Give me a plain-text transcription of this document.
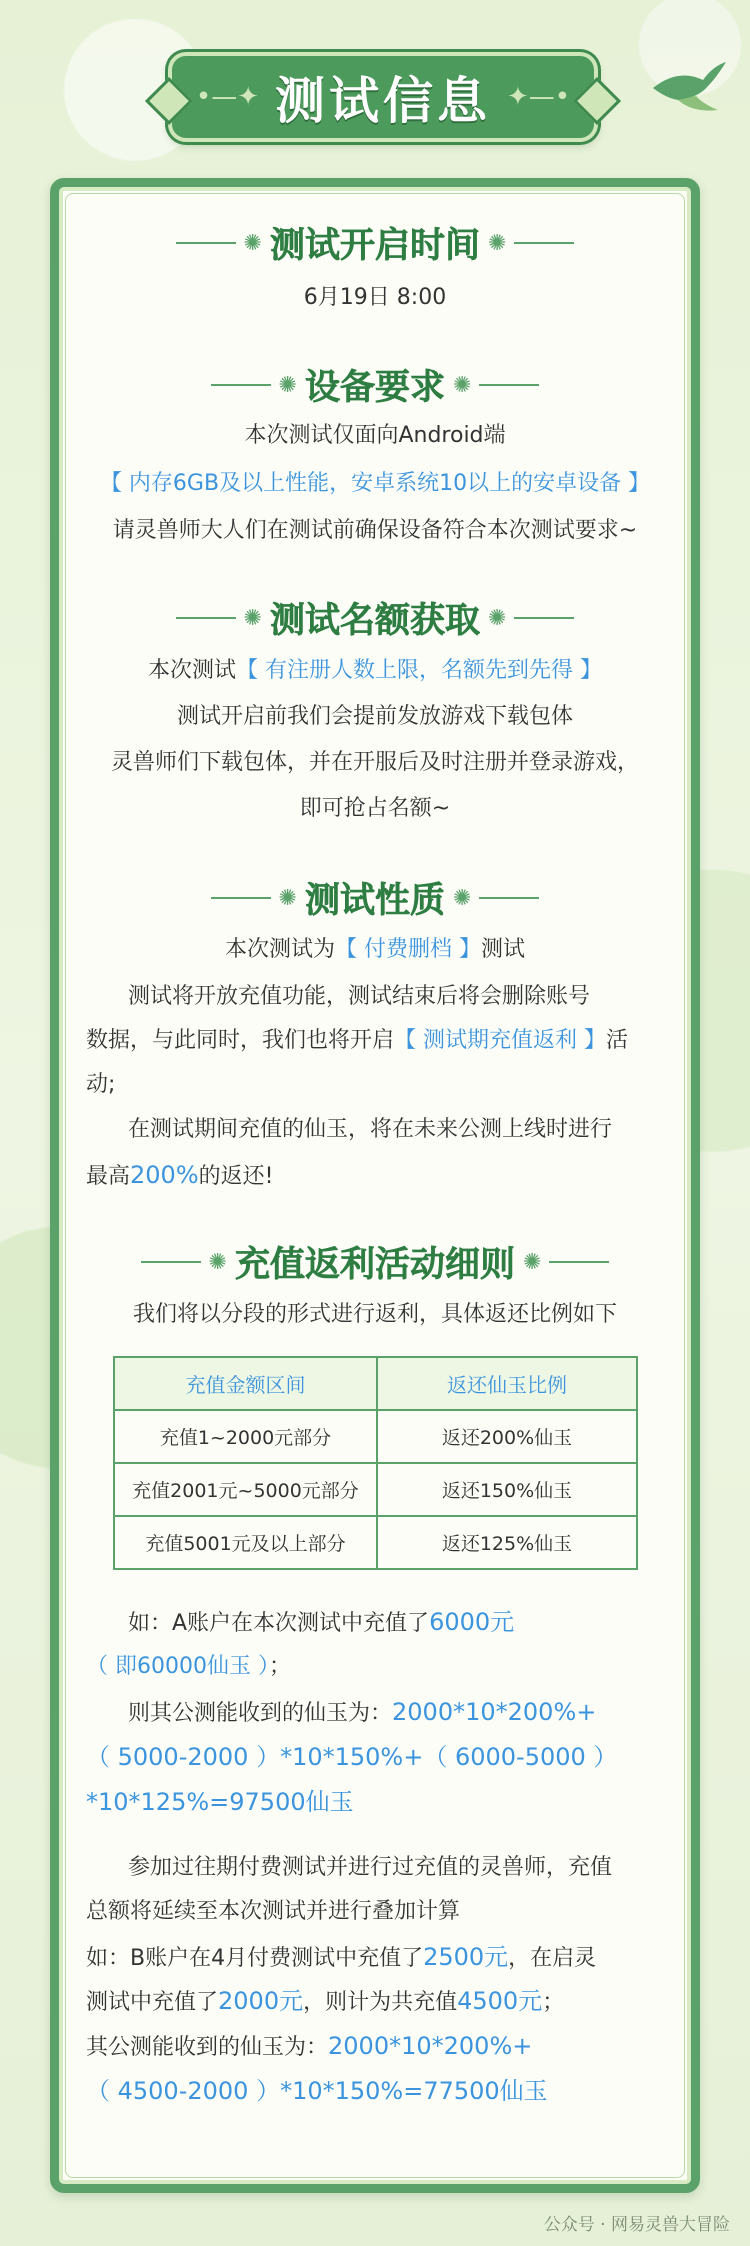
•—✦ 测试信息 ✦—•
✺ 测试开启时间 ✺
6月19日 8:00
✺ 设备要求 ✺
本次测试仅面向Android端
【 内存6GB及以上性能，安卓系统10以上的安卓设备 】
请灵兽师大人们在测试前确保设备符合本次测试要求~
✺ 测试名额获取 ✺
本次测试【 有注册人数上限，名额先到先得 】
测试开启前我们会提前发放游戏下载包体
灵兽师们下载包体，并在开服后及时注册并登录游戏，
即可抢占名额~
✺ 测试性质 ✺
本次测试为【 付费删档 】测试
测试将开放充值功能，测试结束后将会删除账号
数据，与此同时，我们也将开启【 测试期充值返利 】活
动;
在测试期间充值的仙玉，将在未来公测上线时进行
最高200%的返还!
✺ 充值返利活动细则 ✺
我们将以分段的形式进行返利，具体返还比例如下
充值金额区间	返还仙玉比例
充值1~2000元部分	返还200%仙玉
充值2001元~5000元部分	返还150%仙玉
充值5001元及以上部分	返还125%仙玉
如：A账户在本次测试中充值了6000元
（ 即60000仙玉 ）；
则其公测能收到的仙玉为：2000*10*200%+
（ 5000-2000 ）*10*150%+（ 6000-5000 ）
*10*125%=97500仙玉
参加过往期付费测试并进行过充值的灵兽师，充值
总额将延续至本次测试并进行叠加计算
如：B账户在4月付费测试中充值了2500元，在启灵
测试中充值了2000元，则计为共充值4500元；
其公测能收到的仙玉为：2000*10*200%+
（ 4500-2000 ）*10*150%=77500仙玉
公众号 · 网易灵兽大冒险
